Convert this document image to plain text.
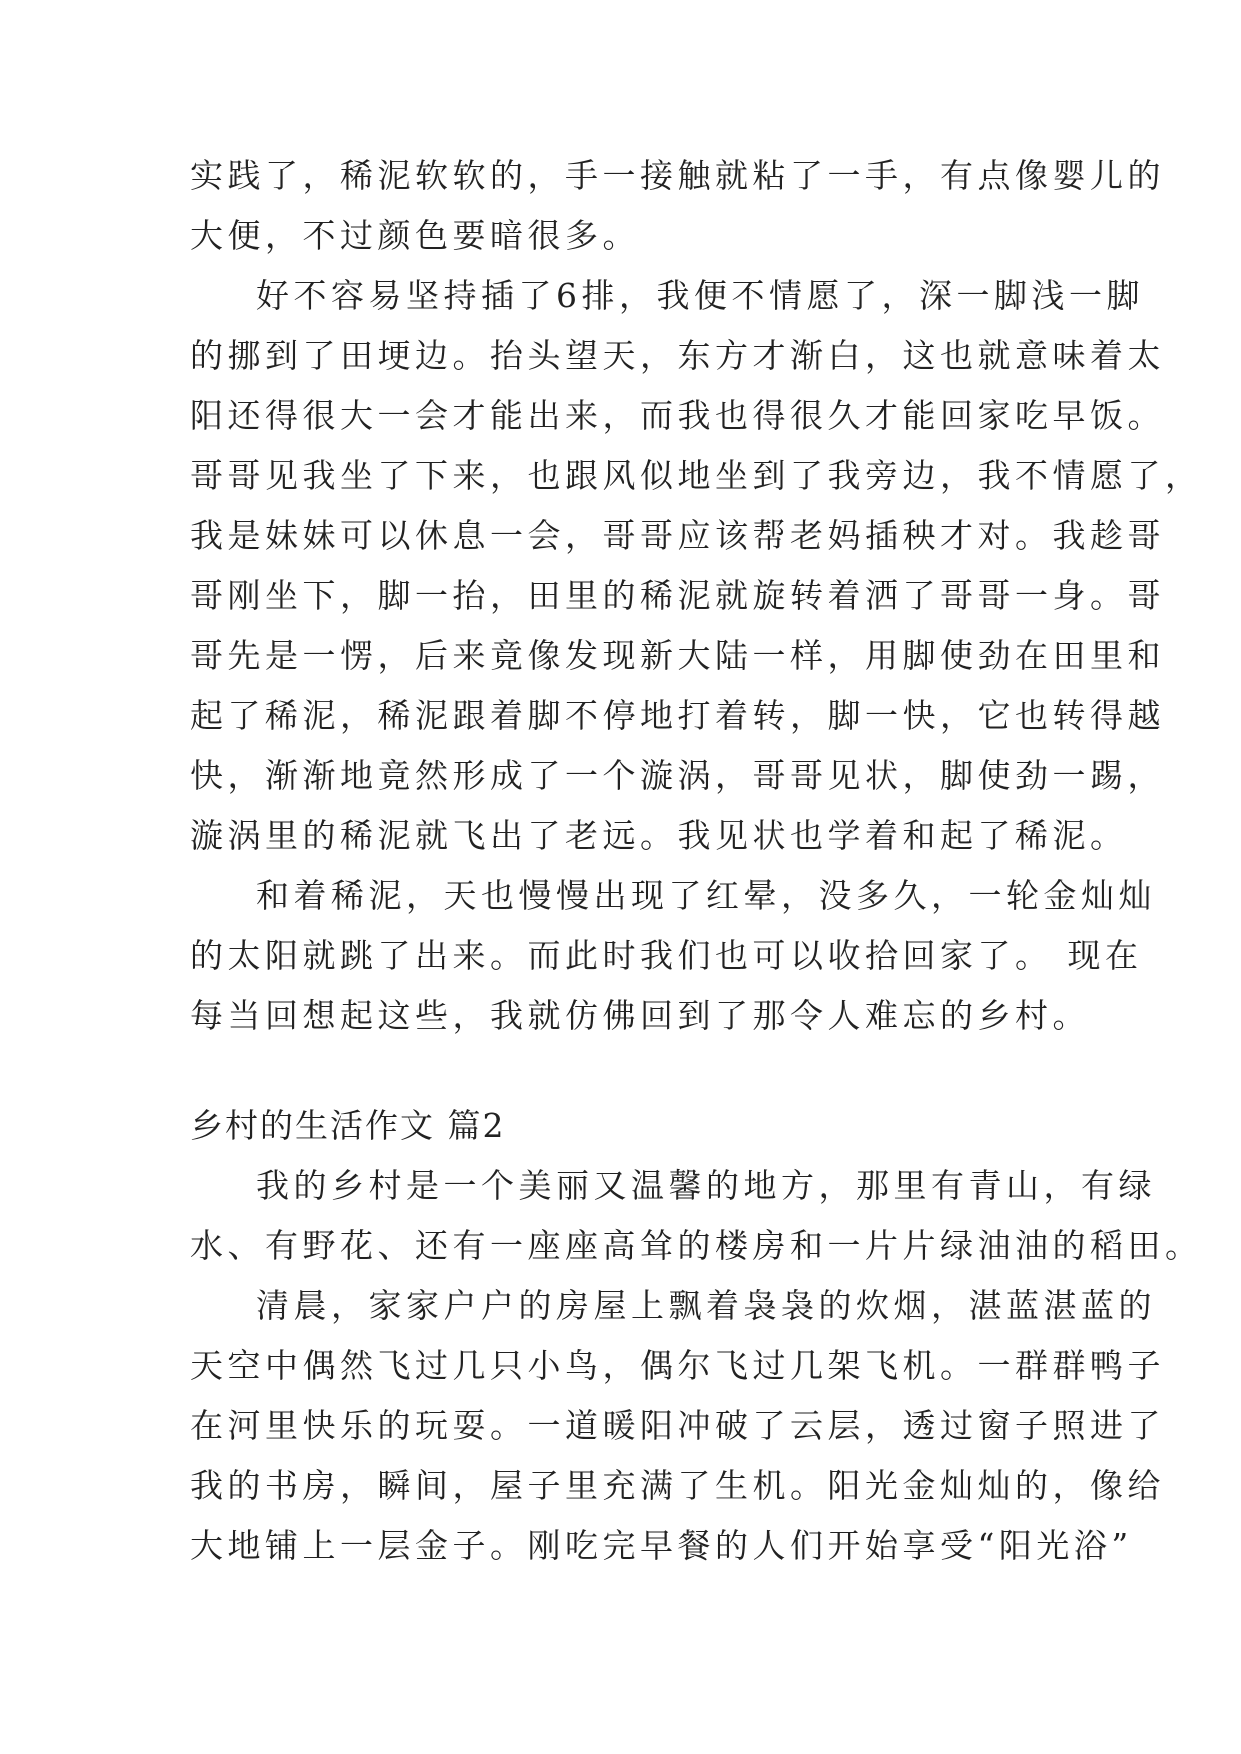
实践了，稀泥软软的，手一接触就粘了一手，有点像婴儿的
大便，不过颜色要暗很多。
好不容易坚持插了6排，我便不情愿了，深一脚浅一脚
的挪到了田埂边。抬头望天，东方才渐白，这也就意味着太
阳还得很大一会才能出来，而我也得很久才能回家吃早饭。
哥哥见我坐了下来，也跟风似地坐到了我旁边，我不情愿了，
我是妹妹可以休息一会，哥哥应该帮老妈插秧才对。我趁哥
哥刚坐下，脚一抬，田里的稀泥就旋转着洒了哥哥一身。哥
哥先是一愣，后来竟像发现新大陆一样，用脚使劲在田里和
起了稀泥，稀泥跟着脚不停地打着转，脚一快，它也转得越
快，渐渐地竟然形成了一个漩涡，哥哥见状，脚使劲一踢，
漩涡里的稀泥就飞出了老远。我见状也学着和起了稀泥。
和着稀泥，天也慢慢出现了红晕，没多久，一轮金灿灿
的太阳就跳了出来。而此时我们也可以收拾回家了。 现在
每当回想起这些，我就仿佛回到了那令人难忘的乡村。
乡村的生活作文 篇2
我的乡村是一个美丽又温馨的地方，那里有青山，有绿
水、有野花、还有一座座高耸的楼房和一片片绿油油的稻田。
清晨，家家户户的房屋上飘着袅袅的炊烟，湛蓝湛蓝的
天空中偶然飞过几只小鸟，偶尔飞过几架飞机。一群群鸭子
在河里快乐的玩耍。一道暖阳冲破了云层，透过窗子照进了
我的书房，瞬间，屋子里充满了生机。阳光金灿灿的，像给
大地铺上一层金子。刚吃完早餐的人们开始享受“阳光浴”
